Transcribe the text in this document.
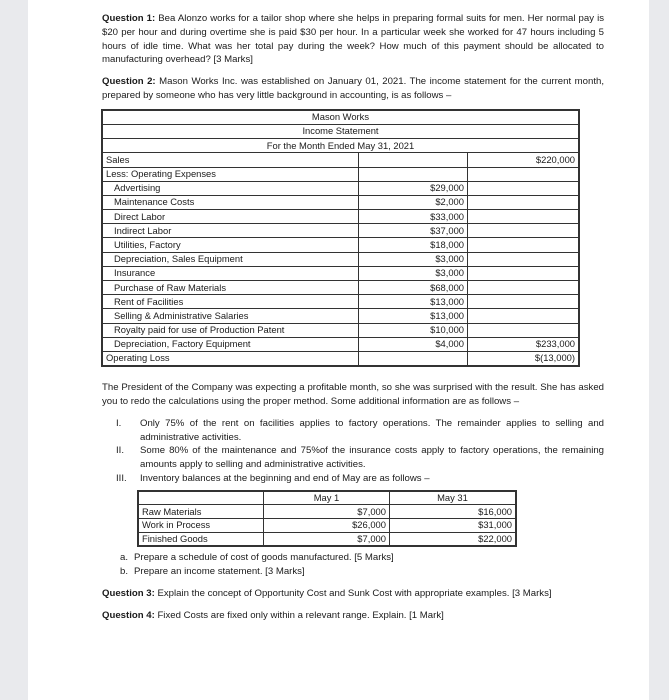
Question 1: Bea Alonzo works for a tailor shop where she helps in preparing formal suits for men. Her normal pay is $20 per hour and during overtime she is paid $30 per hour. In a particular week she worked for 47 hours including 5 hours of idle time. What was her total pay during the week? How much of this payment should be allocated to manufacturing overhead? [3 Marks]

Question 2: Mason Works Inc. was established on January 01, 2021. The income statement for the current month, prepared by someone who has very little background in accounting, is as follows –

Mason Works		
Income Statement		
For the Month Ended May 31, 2021		
Sales		$220,000
Less: Operating Expenses		
Advertising	$29,000	
Maintenance Costs	$2,000	
Direct Labor	$33,000	
Indirect Labor	$37,000	
Utilities, Factory	$18,000	
Depreciation, Sales Equipment	$3,000	
Insurance	$3,000	
Purchase of Raw Materials	$68,000	
Rent of Facilities	$13,000	
Selling & Administrative Salaries	$13,000	
Royalty paid for use of Production Patent	$10,000	
Depreciation, Factory Equipment	$4,000	$233,000
Operating Loss		$(13,000)

The President of the Company was expecting a profitable month, so she was surprised with the result. She has asked you to redo the calculations using the proper method. Some additional information are as follows –

I. Only 75% of the rent on facilities applies to factory operations. The remainder applies to selling and administrative activities.
II. Some 80% of the maintenance and 75%of the insurance costs apply to factory operations, the remaining amounts apply to selling and administrative activities.
III. Inventory balances at the beginning and end of May are as follows –
	May 1	May 31
Raw Materials	$7,000	$16,000
Work in Process	$26,000	$31,000
Finished Goods	$7,000	$22,000
a. Prepare a schedule of cost of goods manufactured. [5 Marks]
b. Prepare an income statement. [3 Marks]

Question 3: Explain the concept of Opportunity Cost and Sunk Cost with appropriate examples. [3 Marks]

Question 4: Fixed Costs are fixed only within a relevant range. Explain. [1 Mark]
